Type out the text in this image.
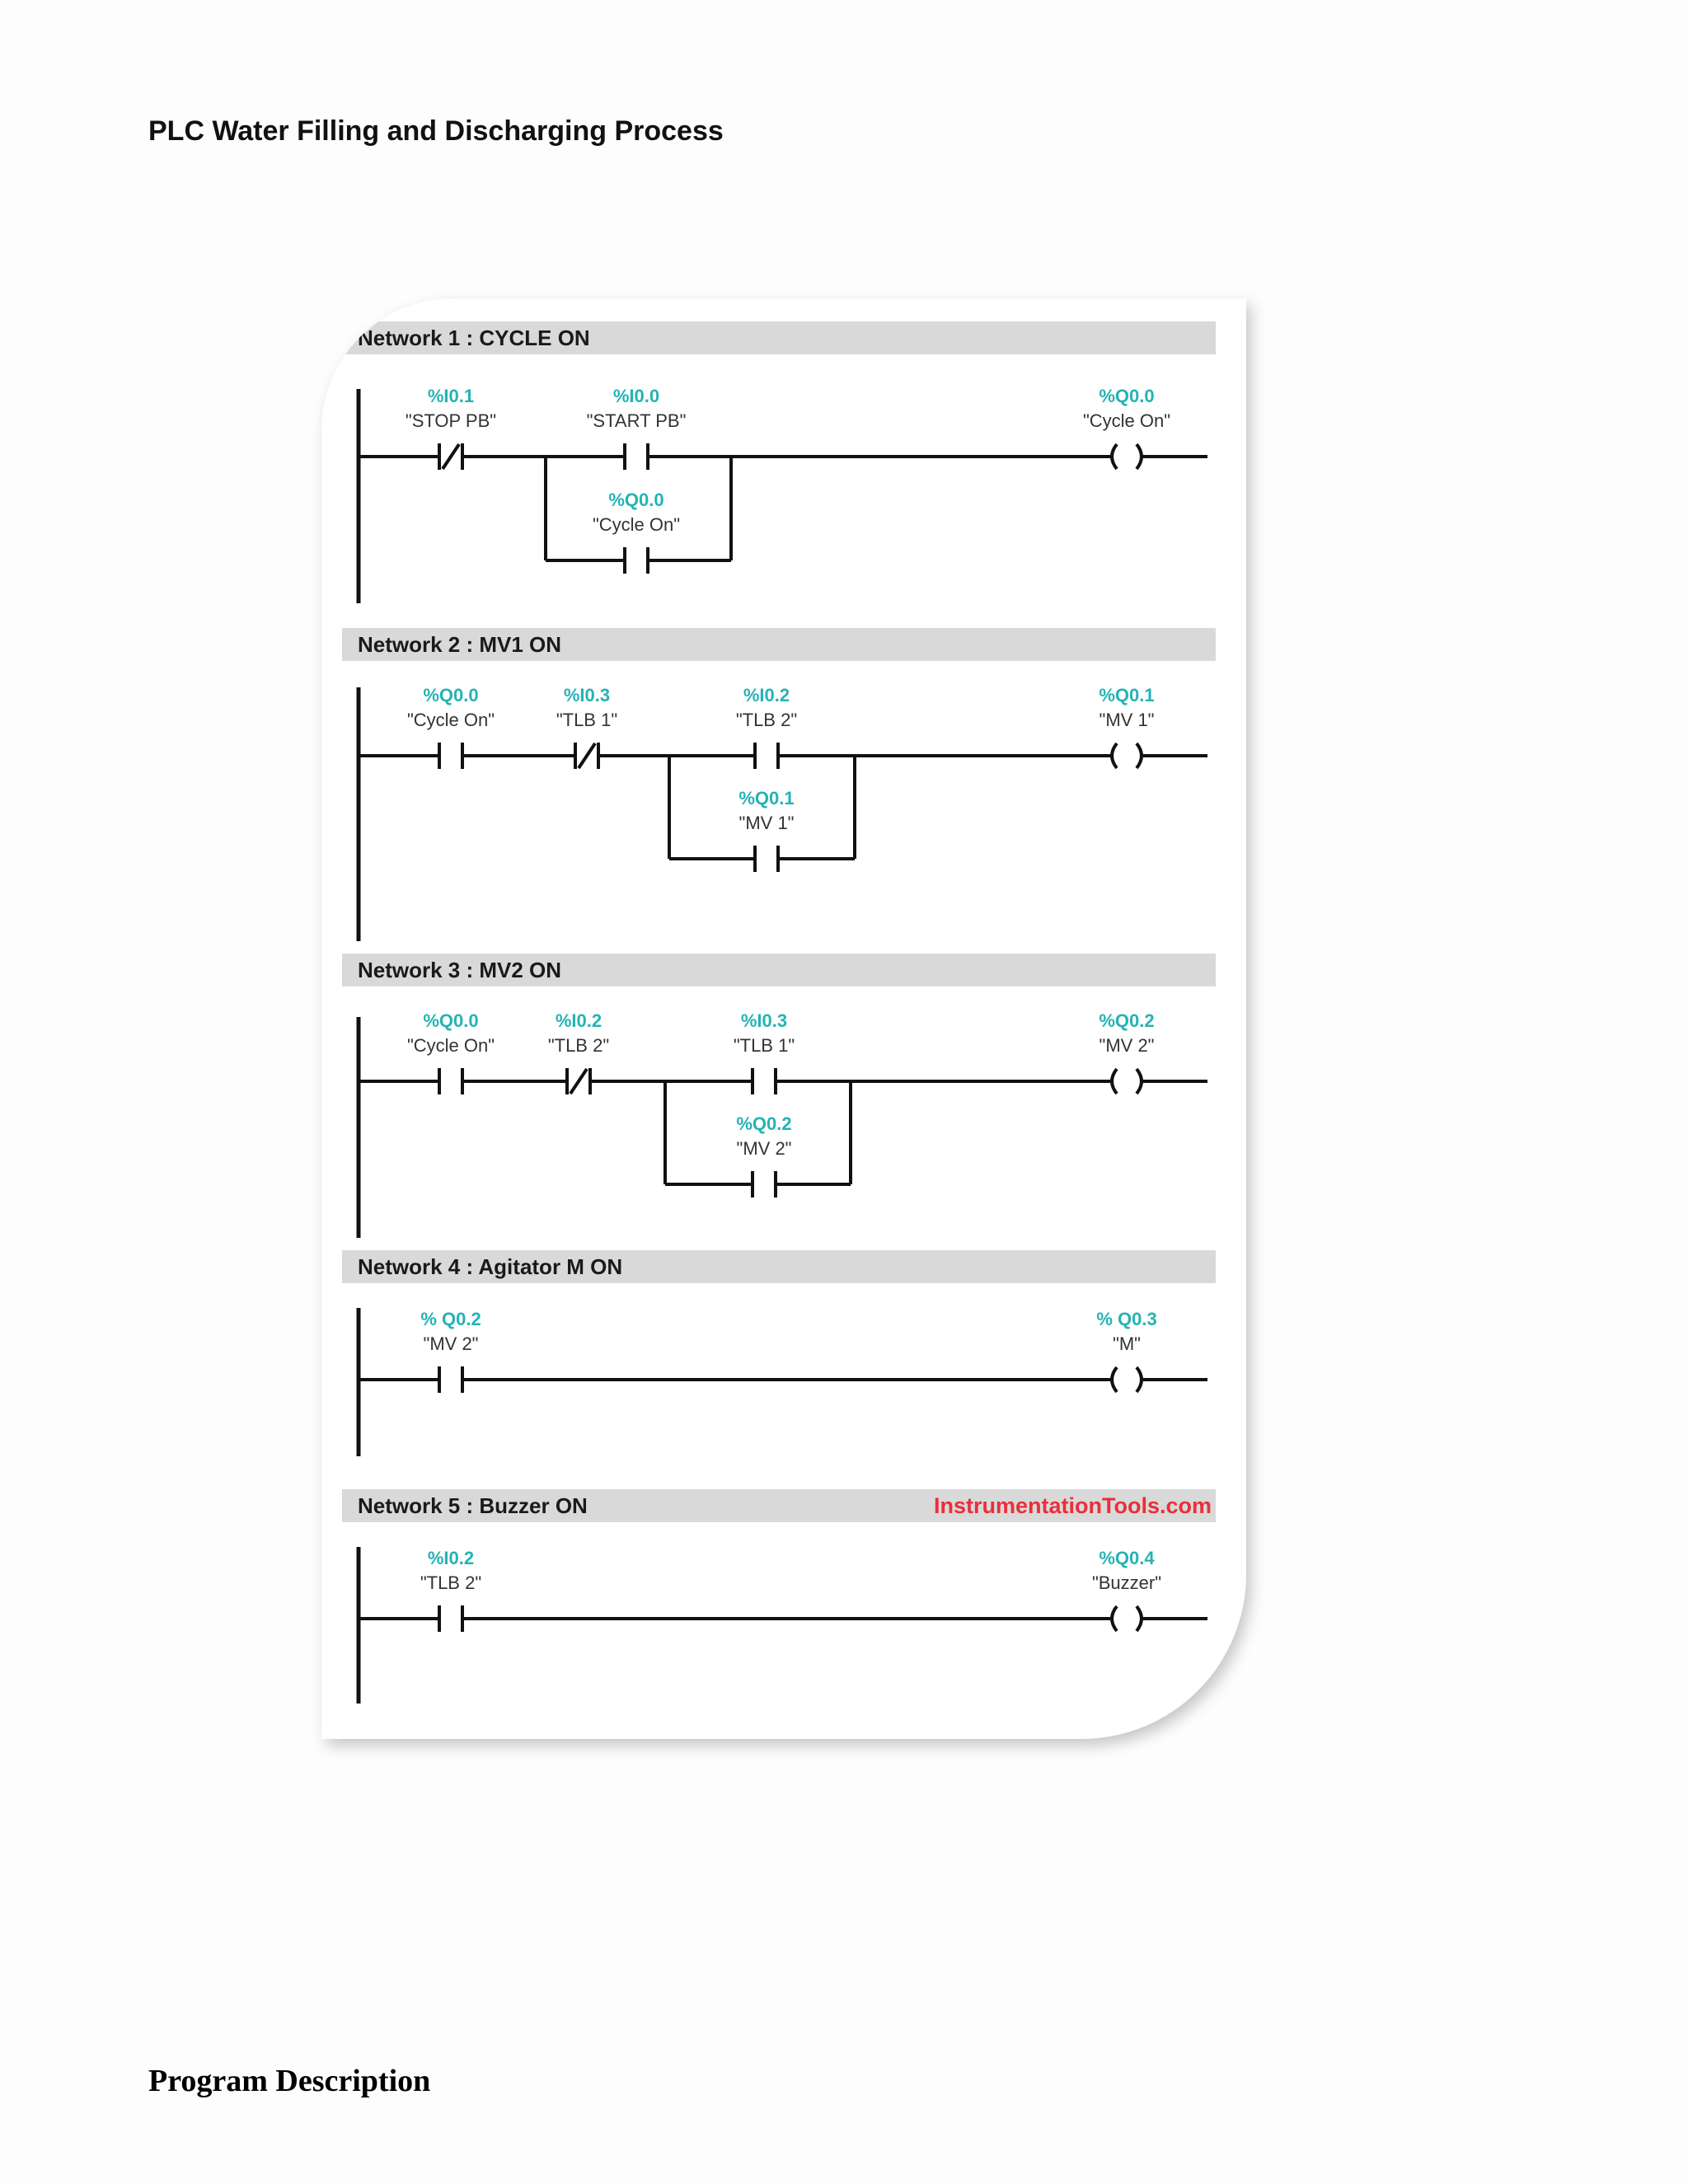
PLC Water Filling and Discharging Process
Network 1 : CYCLE ON
%I0.1
"STOP PB"
%I0.0
"START PB"
%Q0.0
"Cycle On"
%Q0.0
"Cycle On"
Network 2 : MV1 ON
%Q0.0
"Cycle On"
%I0.3
"TLB 1"
%I0.2
"TLB 2"
%Q0.1
"MV 1"
%Q0.1
"MV 1"
Network 3 : MV2 ON
%Q0.0
"Cycle On"
%I0.2
"TLB 2"
%I0.3
"TLB 1"
%Q0.2
"MV 2"
%Q0.2
"MV 2"
Network 4 : Agitator M ON
% Q0.2
"MV 2"
% Q0.3
"M"
Network 5 : Buzzer ON	InstrumentationTools.com
%I0.2
"TLB 2"
%Q0.4
"Buzzer"
Program Description
